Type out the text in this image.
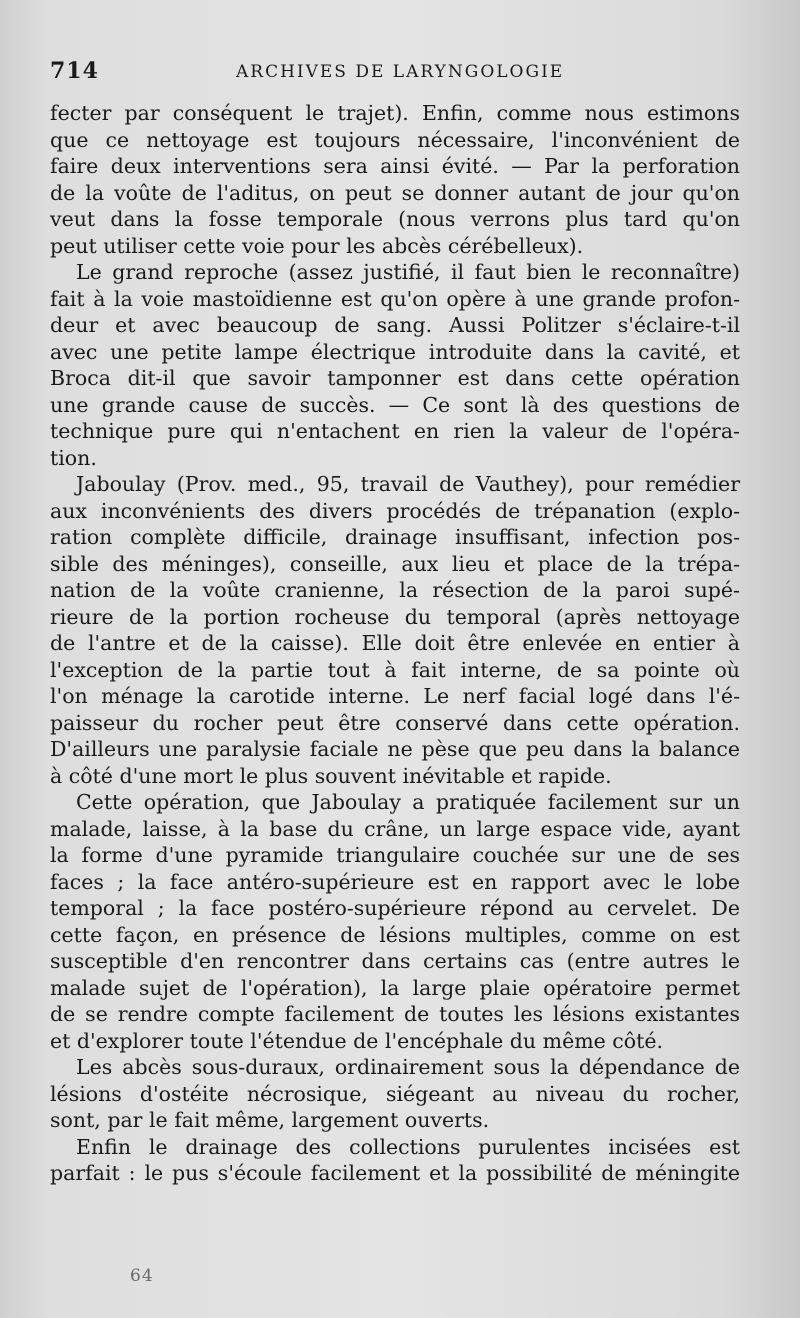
714	ARCHIVES DE LARYNGOLOGIE
fecter par conséquent le trajet). Enfin, comme nous estimons
que ce nettoyage est toujours nécessaire, l'inconvénient de
faire deux interventions sera ainsi évité. — Par la perforation
de la voûte de l'aditus, on peut se donner autant de jour qu'on
veut dans la fosse temporale (nous verrons plus tard qu'on
peut utiliser cette voie pour les abcès cérébelleux).
Le grand reproche (assez justifié, il faut bien le reconnaître)
fait à la voie mastoïdienne est qu'on opère à une grande profon-
deur et avec beaucoup de sang. Aussi Politzer s'éclaire-t-il
avec une petite lampe électrique introduite dans la cavité, et
Broca dit-il que savoir tamponner est dans cette opération
une grande cause de succès. — Ce sont là des questions de
technique pure qui n'entachent en rien la valeur de l'opéra-
tion.
Jaboulay (Prov. med., 95, travail de Vauthey), pour remédier
aux inconvénients des divers procédés de trépanation (explo-
ration complète difficile, drainage insuffisant, infection pos-
sible des méninges), conseille, aux lieu et place de la trépa-
nation de la voûte cranienne, la résection de la paroi supé-
rieure de la portion rocheuse du temporal (après nettoyage
de l'antre et de la caisse). Elle doit être enlevée en entier à
l'exception de la partie tout à fait interne, de sa pointe où
l'on ménage la carotide interne. Le nerf facial logé dans l'é-
paisseur du rocher peut être conservé dans cette opération.
D'ailleurs une paralysie faciale ne pèse que peu dans la balance
à côté d'une mort le plus souvent inévitable et rapide.
Cette opération, que Jaboulay a pratiquée facilement sur un
malade, laisse, à la base du crâne, un large espace vide, ayant
la forme d'une pyramide triangulaire couchée sur une de ses
faces ; la face antéro-supérieure est en rapport avec le lobe
temporal ; la face postéro-supérieure répond au cervelet. De
cette façon, en présence de lésions multiples, comme on est
susceptible d'en rencontrer dans certains cas (entre autres le
malade sujet de l'opération), la large plaie opératoire permet
de se rendre compte facilement de toutes les lésions existantes
et d'explorer toute l'étendue de l'encéphale du même côté.
Les abcès sous-duraux, ordinairement sous la dépendance de
lésions d'ostéite nécrosique, siégeant au niveau du rocher,
sont, par le fait même, largement ouverts.
Enfin le drainage des collections purulentes incisées est
parfait : le pus s'écoule facilement et la possibilité de méningite
64
